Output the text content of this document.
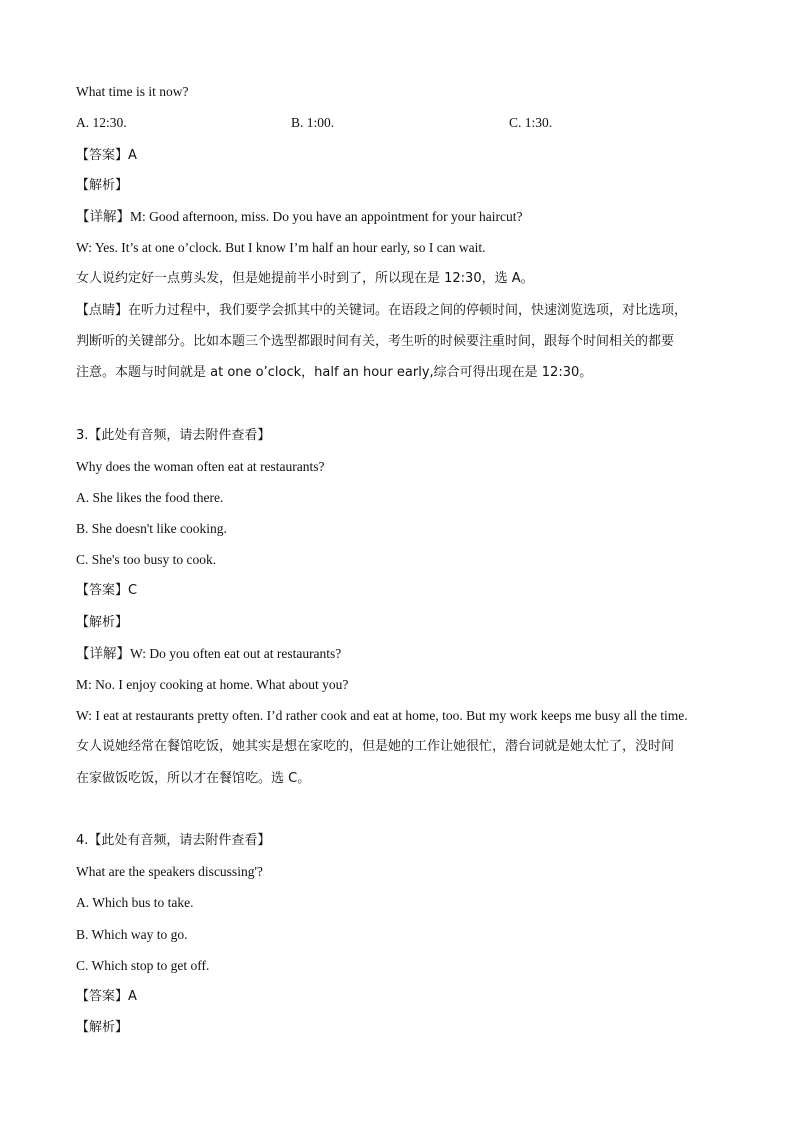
What time is it now?
A. 12:30.	B. 1:00.	C. 1:30.
【答案】A
【解析】
【详解】M: Good afternoon, miss. Do you have an appointment for your haircut?
W: Yes. It’s at one o’clock. But I know I’m half an hour early, so I can wait.
女人说约定好一点剪头发，但是她提前半小时到了，所以现在是 12:30，选 A。
【点睛】在听力过程中，我们要学会抓其中的关键词。在语段之间的停顿时间，快速浏览选项，对比选项，
判断听的关键部分。比如本题三个选型都跟时间有关，考生听的时候要注重时间，跟每个时间相关的都要
注意。本题与时间就是 at one o’clock，half an hour early,综合可得出现在是 12:30。
3.【此处有音频，请去附件查看】
Why does the woman often eat at restaurants?
A. She likes the food there.
B. She doesn't like cooking.
C. She's too busy to cook.
【答案】C
【解析】
【详解】W: Do you often eat out at restaurants?
M: No. I enjoy cooking at home. What about you?
W: I eat at restaurants pretty often. I’d rather cook and eat at home, too. But my work keeps me busy all the time.
女人说她经常在餐馆吃饭，她其实是想在家吃的，但是她的工作让她很忙，潜台词就是她太忙了，没时间
在家做饭吃饭，所以才在餐馆吃。选 C。
4.【此处有音频，请去附件查看】
What are the speakers discussing'?
A. Which bus to take.
B. Which way to go.
C. Which stop to get off.
【答案】A
【解析】
